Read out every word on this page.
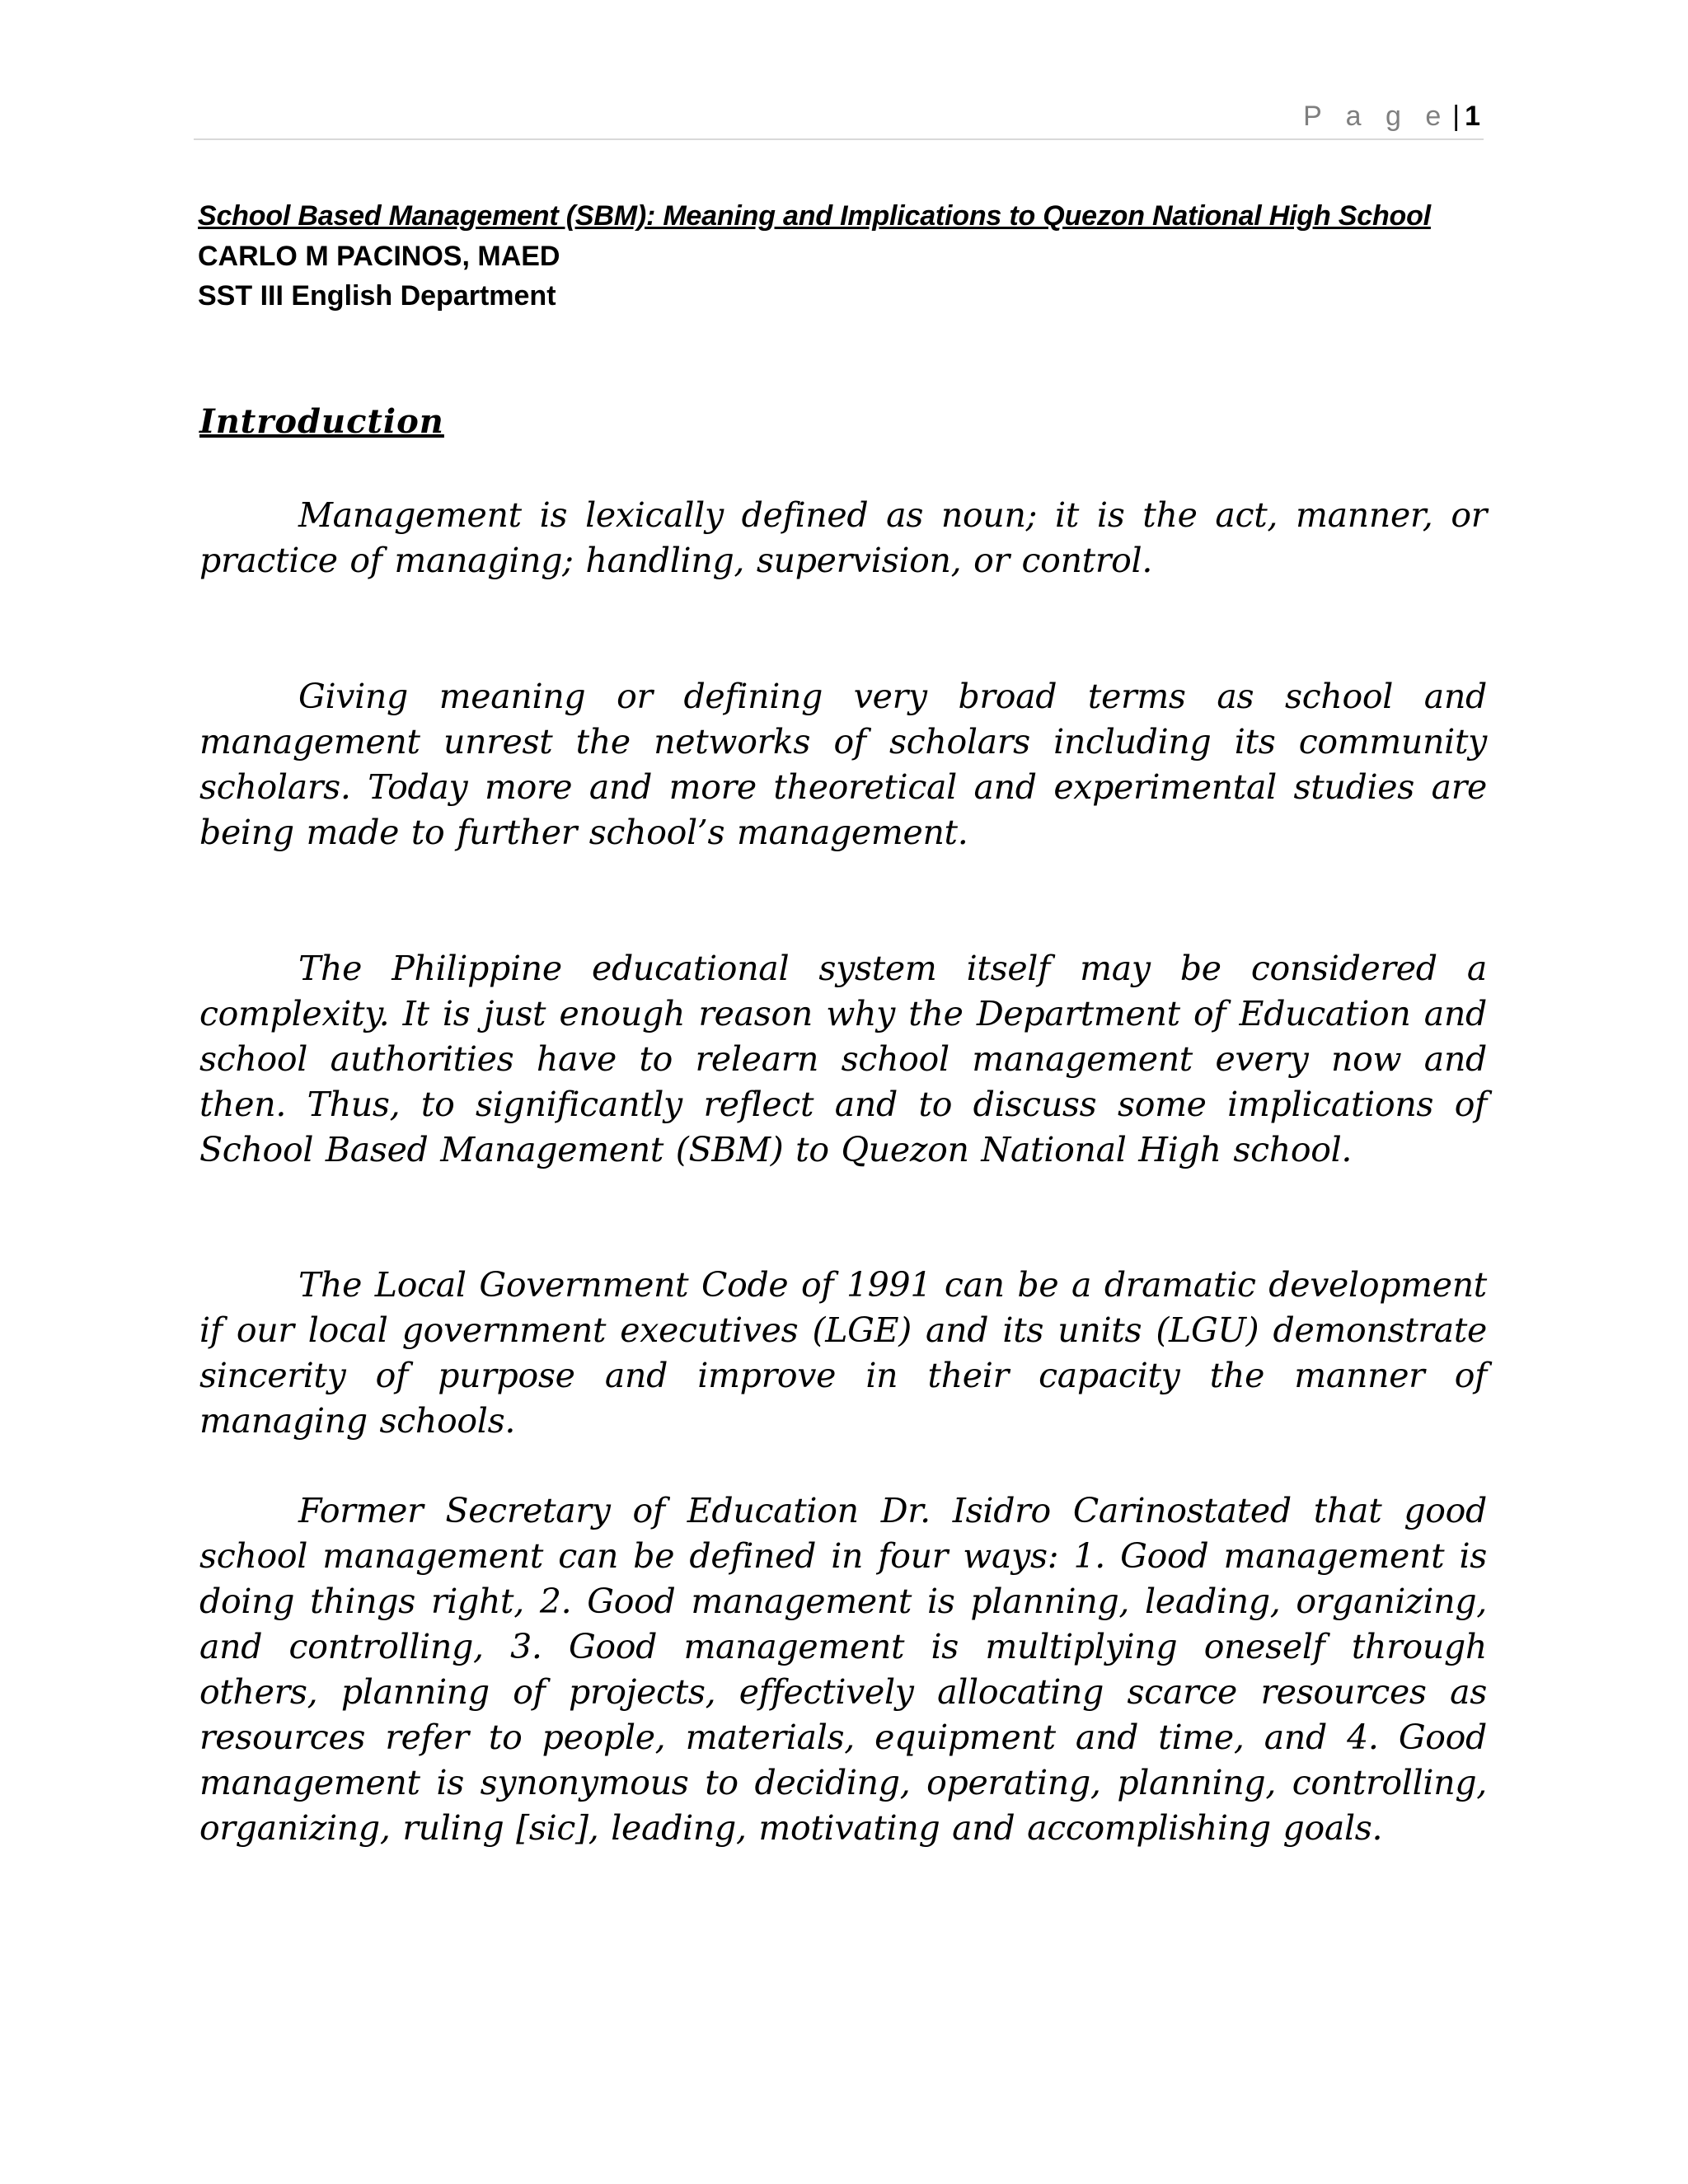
P a g e | 1
School Based Management (SBM): Meaning and Implications to Quezon National High School
CARLO M PACINOS, MAED
SST III English Department
Introduction

Management is lexically defined as noun; it is the act, manner, or practice of managing; handling, supervision, or control.

Giving meaning or defining very broad terms as school and management unrest the networks of scholars including its community scholars. Today more and more theoretical and experimental studies are being made to further school’s management.

The Philippine educational system itself may be considered a complexity. It is just enough reason why the Department of Education and school authorities have to relearn school management every now and then. Thus, to significantly reflect and to discuss some implications of School Based Management (SBM) to Quezon National High school.

The Local Government Code of 1991 can be a dramatic development if our local government executives (LGE) and its units (LGU) demonstrate sincerity of purpose and improve in their capacity the manner of managing schools.

Former Secretary of Education Dr. Isidro Carinostated that good school management can be defined in four ways: 1. Good management is doing things right, 2. Good management is planning, leading, organizing, and controlling, 3. Good management is multiplying oneself through others, planning of projects, effectively allocating scarce resources as resources refer to people, materials, equipment and time, and 4. Good management is synonymous to deciding, operating, planning, controlling, organizing, ruling [sic], leading, motivating and accomplishing goals.
